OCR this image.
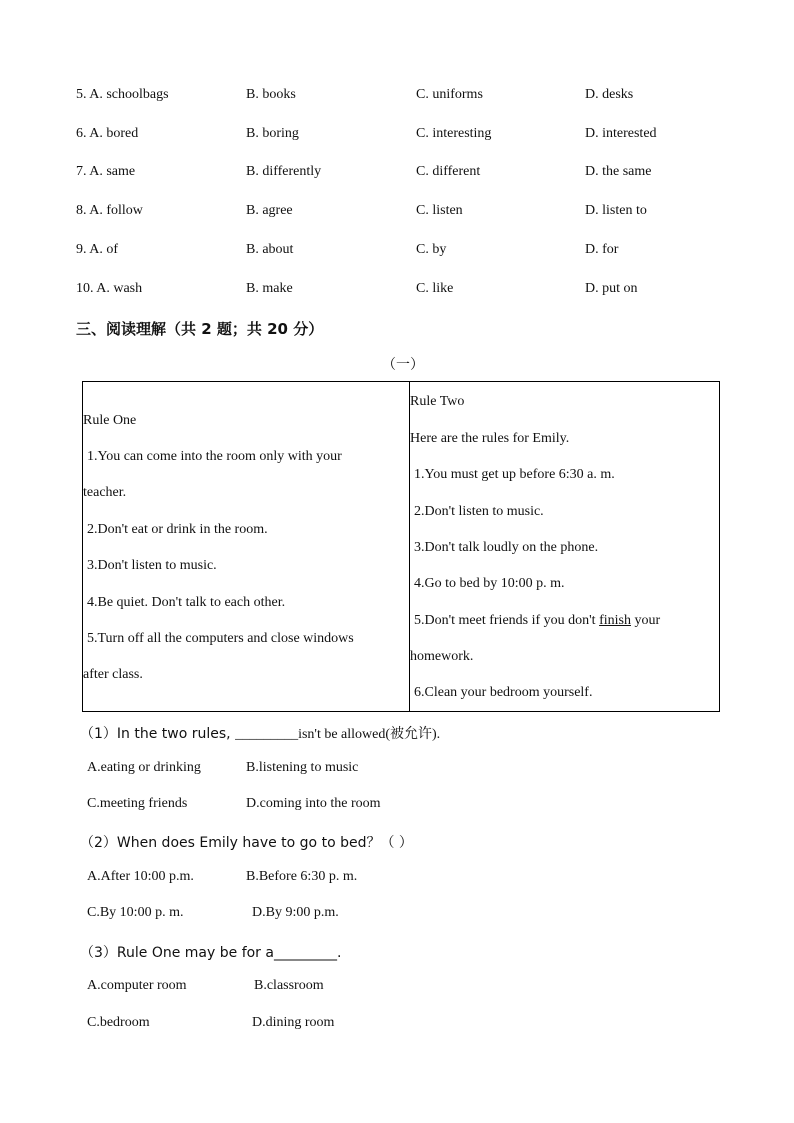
5. A. schoolbags	B. books	C. uniforms	D. desks
6. A. bored	B. boring	C. interesting	D. interested
7. A. same	B. differently	C. different	D. the same
8. A. follow	B. agree	C. listen	D. listen to
9. A. of	B. about	C. by	D. for
10. A. wash	B. make	C. like	D. put on
三、阅读理解（共 2 题；共 20 分）
（一）
Rule One
1.You can come into the room only with your
teacher.
2.Don't eat or drink in the room.
3.Don't listen to music.
4.Be quiet. Don't talk to each other.
5.Turn off all the computers and close windows
after class.
Rule Two
Here are the rules for Emily.
1.You must get up before 6:30 a. m.
2.Don't listen to music.
3.Don't talk loudly on the phone.
4.Go to bed by 10:00 p. m.
5.Don't meet friends if you don't finish your
homework.
6.Clean your bedroom yourself.
（1）In the two rules, _________isn't be allowed(被允许).
A.eating or drinking	B.listening to music
C.meeting friends	D.coming into the room
（2）When does Emily have to go to bed？（ ）
A.After 10:00 p.m.	B.Before 6:30 p. m.
C.By 10:00 p. m.	D.By 9:00 p.m.
（3）Rule One may be for a_________.
A.computer room	B.classroom
C.bedroom	D.dining room
